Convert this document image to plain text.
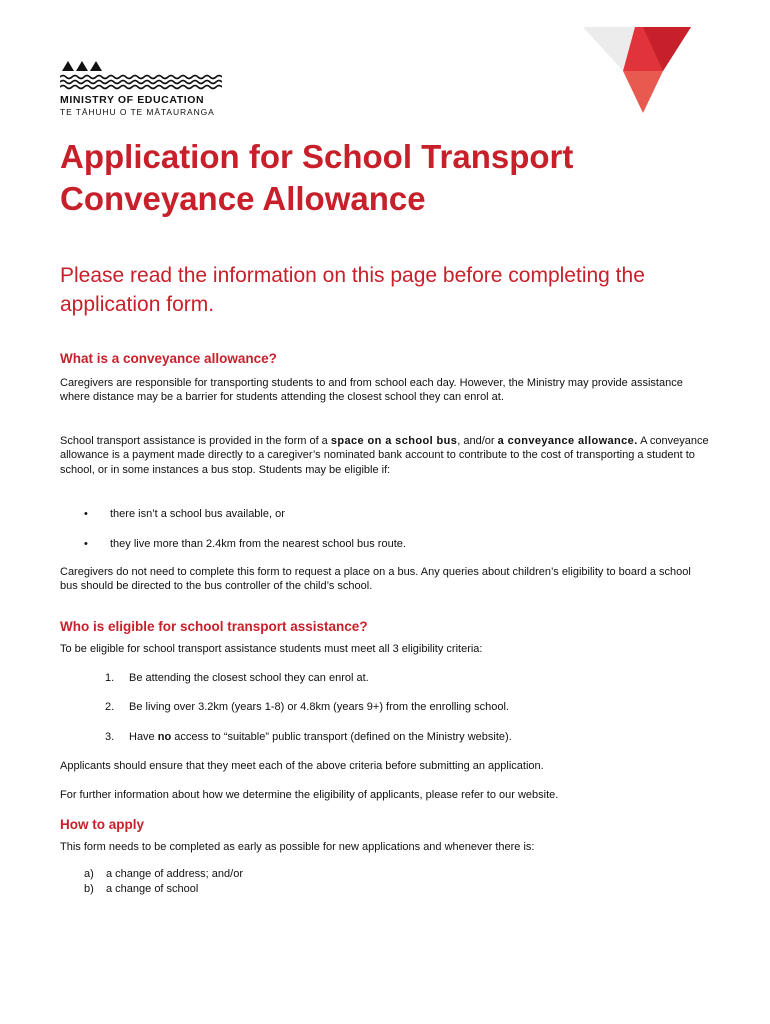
MINISTRY OF EDUCATION
TE TĀHUHU O TE MĀTAURANGA
Application for School Transport Conveyance Allowance

Please read the information on this page before completing the application form.

What is a conveyance allowance?

Caregivers are responsible for transporting students to and from school each day. However, the Ministry may provide assistance where distance may be a barrier for students attending the closest school they can enrol at.

School transport assistance is provided in the form of a space on a school bus, and/or a conveyance allowance. A conveyance allowance is a payment made directly to a caregiver’s nominated bank account to contribute to the cost of transporting a student to school, or in some instances a bus stop. Students may be eligible if:

• there isn’t a school bus available, or
• they live more than 2.4km from the nearest school bus route.

Caregivers do not need to complete this form to request a place on a bus. Any queries about children’s eligibility to board a school bus should be directed to the bus controller of the child’s school.

Who is eligible for school transport assistance?

To be eligible for school transport assistance students must meet all 3 eligibility criteria:

1. Be attending the closest school they can enrol at.
2. Be living over 3.2km (years 1-8) or 4.8km (years 9+) from the enrolling school.
3. Have no access to “suitable” public transport (defined on the Ministry website).

Applicants should ensure that they meet each of the above criteria before submitting an application.

For further information about how we determine the eligibility of applicants, please refer to our website.

How to apply

This form needs to be completed as early as possible for new applications and whenever there is:

a) a change of address; and/or
b) a change of school
